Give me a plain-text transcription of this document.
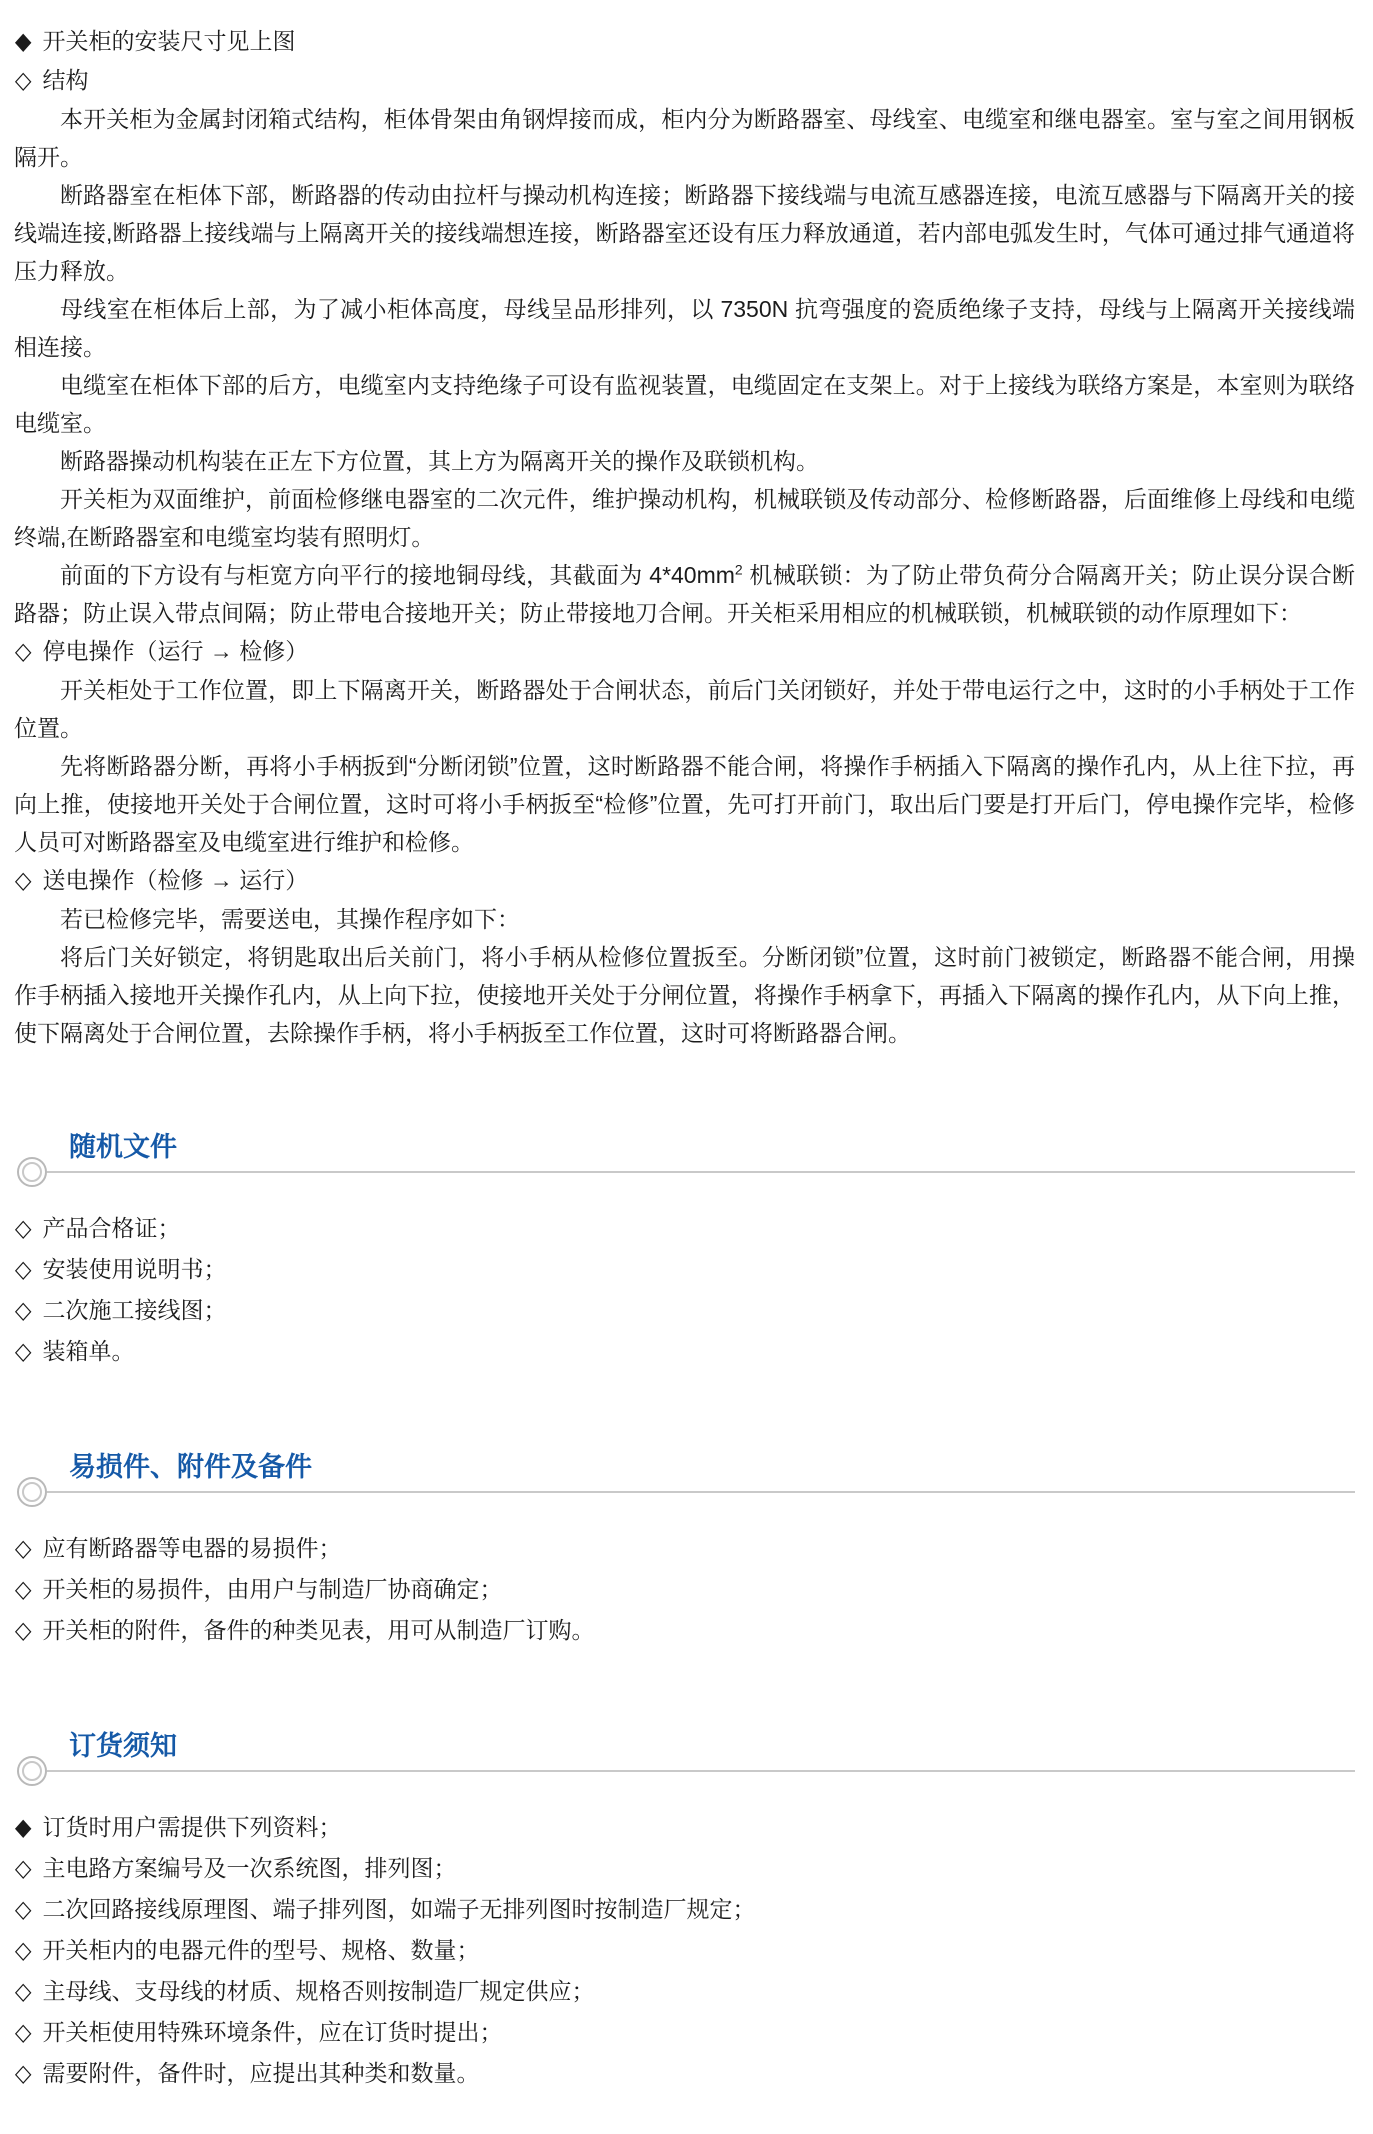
◆ 开关柜的安装尺寸见上图
◇ 结构

本开关柜为金属封闭箱式结构，柜体骨架由角钢焊接而成，柜内分为断路器室、母线室、电缆室和继电器室。室与室之间用钢板隔开。

断路器室在柜体下部，断路器的传动由拉杆与操动机构连接；断路器下接线端与电流互感器连接，电流互感器与下隔离开关的接线端连接,断路器上接线端与上隔离开关的接线端想连接，断路器室还设有压力释放通道，若内部电弧发生时，气体可通过排气通道将压力释放。

母线室在柜体后上部，为了减小柜体高度，母线呈品形排列，以 7350N 抗弯强度的瓷质绝缘子支持，母线与上隔离开关接线端相连接。

电缆室在柜体下部的后方，电缆室内支持绝缘子可设有监视装置，电缆固定在支架上。对于上接线为联络方案是，本室则为联络电缆室。

断路器操动机构装在正左下方位置，其上方为隔离开关的操作及联锁机构。

开关柜为双面维护，前面检修继电器室的二次元件，维护操动机构，机械联锁及传动部分、检修断路器，后面维修上母线和电缆终端,在断路器室和电缆室均装有照明灯。

前面的下方设有与柜宽方向平行的接地铜母线，其截面为 $4*40mm^2$ 机械联锁：为了防止带负荷分合隔离开关；防止误分误合断路器；防止误入带点间隔；防止带电合接地开关；防止带接地刀合闸。开关柜采用相应的机械联锁，机械联锁的动作原理如下：

◇ 停电操作（运行 → 检修）

开关柜处于工作位置，即上下隔离开关，断路器处于合闸状态，前后门关闭锁好，并处于带电运行之中，这时的小手柄处于工作位置。

先将断路器分断，再将小手柄扳到“分断闭锁”位置，这时断路器不能合闸，将操作手柄插入下隔离的操作孔内，从上往下拉，再向上推，使接地开关处于合闸位置，这时可将小手柄扳至“检修”位置，先可打开前门，取出后门要是打开后门，停电操作完毕，检修人员可对断路器室及电缆室进行维护和检修。

◇ 送电操作（检修 → 运行）

若已检修完毕，需要送电，其操作程序如下：

将后门关好锁定，将钥匙取出后关前门，将小手柄从检修位置扳至。分断闭锁”位置，这时前门被锁定，断路器不能合闸，用操作手柄插入接地开关操作孔内，从上向下拉，使接地开关处于分闸位置，将操作手柄拿下，再插入下隔离的操作孔内，从下向上推，使下隔离处于合闸位置，去除操作手柄，将小手柄扳至工作位置，这时可将断路器合闸。

随机文件
◇ 产品合格证；
◇ 安装使用说明书；
◇ 二次施工接线图；
◇ 装箱单。
易损件、附件及备件
◇ 应有断路器等电器的易损件；
◇ 开关柜的易损件，由用户与制造厂协商确定；
◇ 开关柜的附件，备件的种类见表，用可从制造厂订购。
订货须知
◆ 订货时用户需提供下列资料；
◇ 主电路方案编号及一次系统图，排列图；
◇ 二次回路接线原理图、端子排列图，如端子无排列图时按制造厂规定；
◇ 开关柜内的电器元件的型号、规格、数量；
◇ 主母线、支母线的材质、规格否则按制造厂规定供应；
◇ 开关柜使用特殊环境条件，应在订货时提出；
◇ 需要附件，备件时，应提出其种类和数量。
